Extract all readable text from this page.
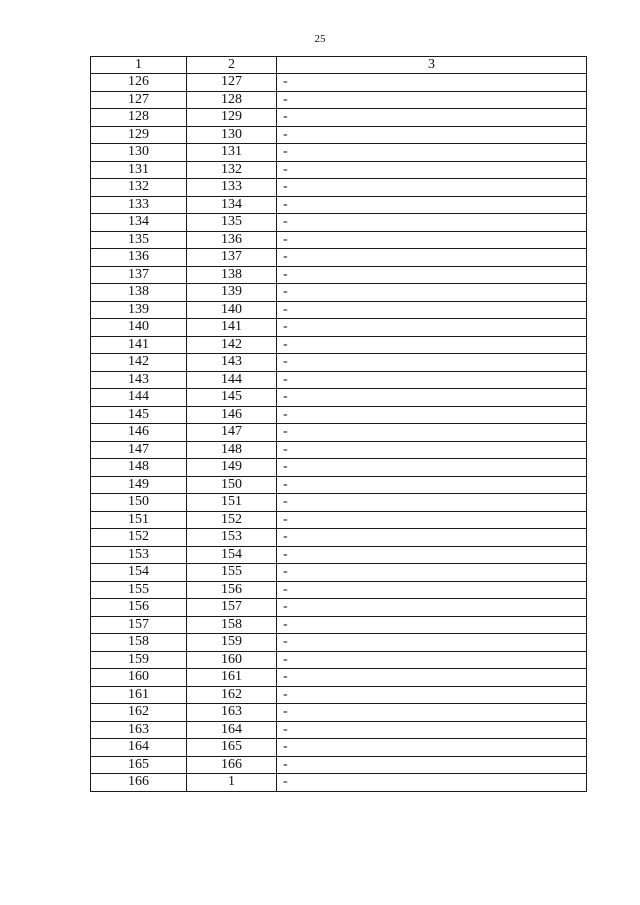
25
1	2	3
126	127	-
127	128	-
128	129	-
129	130	-
130	131	-
131	132	-
132	133	-
133	134	-
134	135	-
135	136	-
136	137	-
137	138	-
138	139	-
139	140	-
140	141	-
141	142	-
142	143	-
143	144	-
144	145	-
145	146	-
146	147	-
147	148	-
148	149	-
149	150	-
150	151	-
151	152	-
152	153	-
153	154	-
154	155	-
155	156	-
156	157	-
157	158	-
158	159	-
159	160	-
160	161	-
161	162	-
162	163	-
163	164	-
164	165	-
165	166	-
166	1	-
